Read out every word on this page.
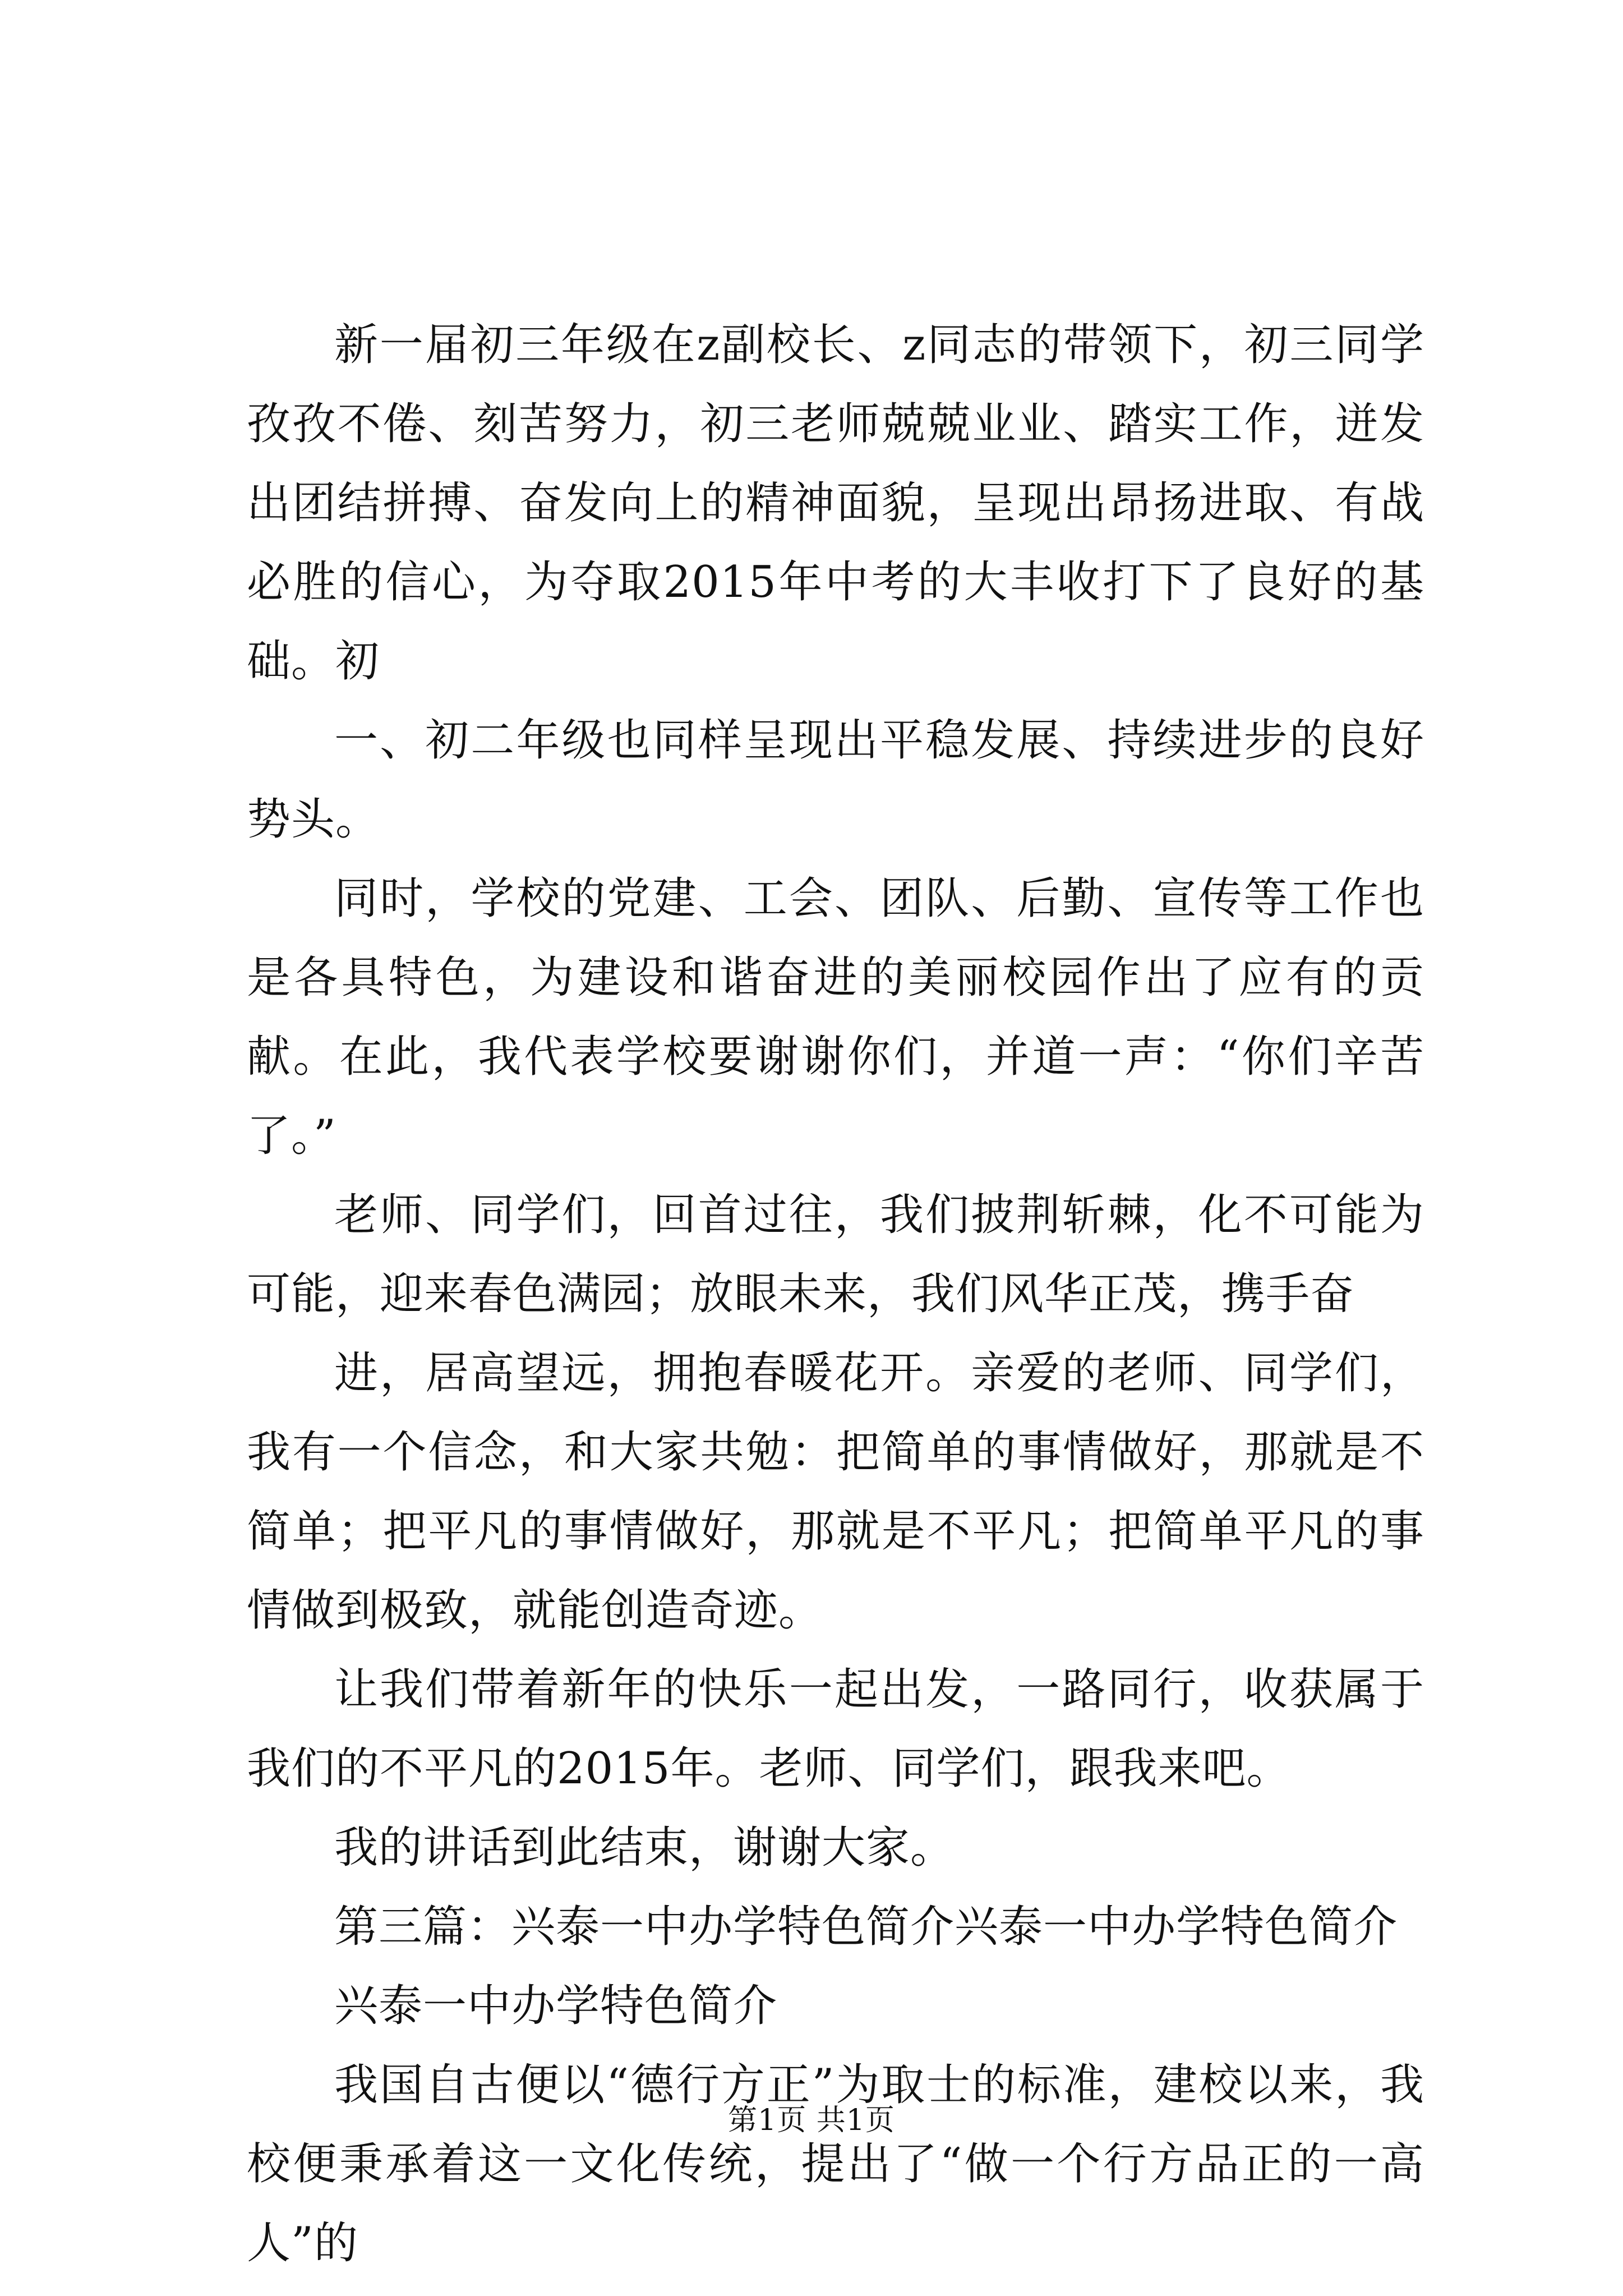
新一届初三年级在z副校长、z同志的带领下，初三同学孜孜不倦、刻苦努力，初三老师兢兢业业、踏实工作，迸发出团结拼搏、奋发向上的精神面貌，呈现出昂扬进取、有战必胜的信心，为夺取2015年中考的大丰收打下了良好的基础。初

一、初二年级也同样呈现出平稳发展、持续进步的良好势头。

同时，学校的党建、工会、团队、后勤、宣传等工作也是各具特色，为建设和谐奋进的美丽校园作出了应有的贡献。在此，我代表学校要谢谢你们，并道一声：“你们辛苦了。”

老师、同学们，回首过往，我们披荆斩棘，化不可能为可能，迎来春色满园；放眼未来，我们风华正茂，携手奋

进，居高望远，拥抱春暖花开。亲爱的老师、同学们，我有一个信念，和大家共勉：把简单的事情做好，那就是不简单；把平凡的事情做好，那就是不平凡；把简单平凡的事情做到极致，就能创造奇迹。

让我们带着新年的快乐一起出发，一路同行，收获属于我们的不平凡的2015年。老师、同学们，跟我来吧。

我的讲话到此结束，谢谢大家。

第三篇：兴泰一中办学特色简介兴泰一中办学特色简介

兴泰一中办学特色简介

我国自古便以“德行方正”为取士的标准，建校以来，我校便秉承着这一文化传统，提出了“做一个行方品正的一高人”的

第1页 共1页
